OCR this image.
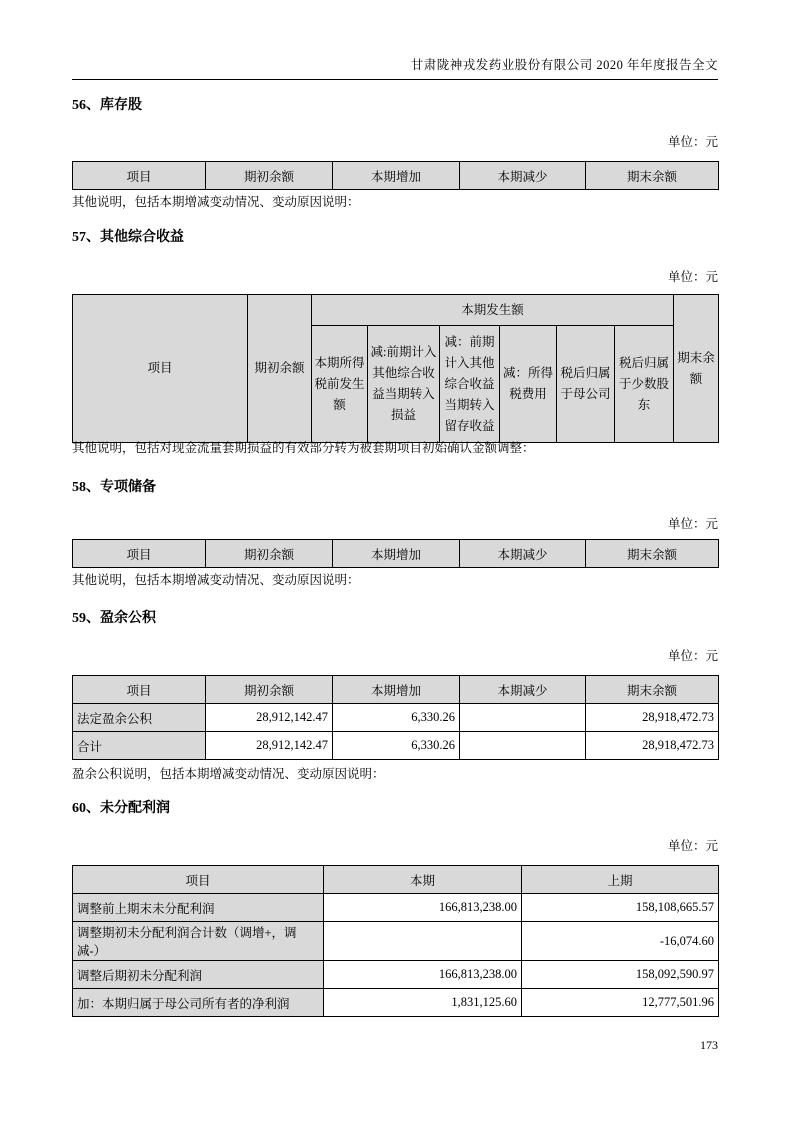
甘肃陇神戎发药业股份有限公司 2020 年年度报告全文
56、库存股
单位：元
项目	期初余额	本期增加	本期减少	期末余额
其他说明，包括本期增减变动情况、变动原因说明：
57、其他综合收益
单位：元
项目	期初余额	本期发生额						期末余额
		本期所得税前发生额	减:前期计入其他综合收益当期转入损益	减：前期计入其他综合收益当期转入留存收益	减：所得税费用	税后归属于母公司	税后归属于少数股东	
其他说明，包括对现金流量套期损益的有效部分转为被套期项目初始确认金额调整：
58、专项储备
单位：元
项目	期初余额	本期增加	本期减少	期末余额
其他说明，包括本期增减变动情况、变动原因说明：
59、盈余公积
单位：元
项目	期初余额	本期增加	本期减少	期末余额
法定盈余公积	28,912,142.47	6,330.26		28,918,472.73
合计	28,912,142.47	6,330.26		28,918,472.73
盈余公积说明，包括本期增减变动情况、变动原因说明：
60、未分配利润
单位：元
项目	本期	上期
调整前上期末未分配利润	166,813,238.00	158,108,665.57
调整期初未分配利润合计数（调增+，调减-）		-16,074.60
调整后期初未分配利润	166,813,238.00	158,092,590.97
加：本期归属于母公司所有者的净利润	1,831,125.60	12,777,501.96
173
